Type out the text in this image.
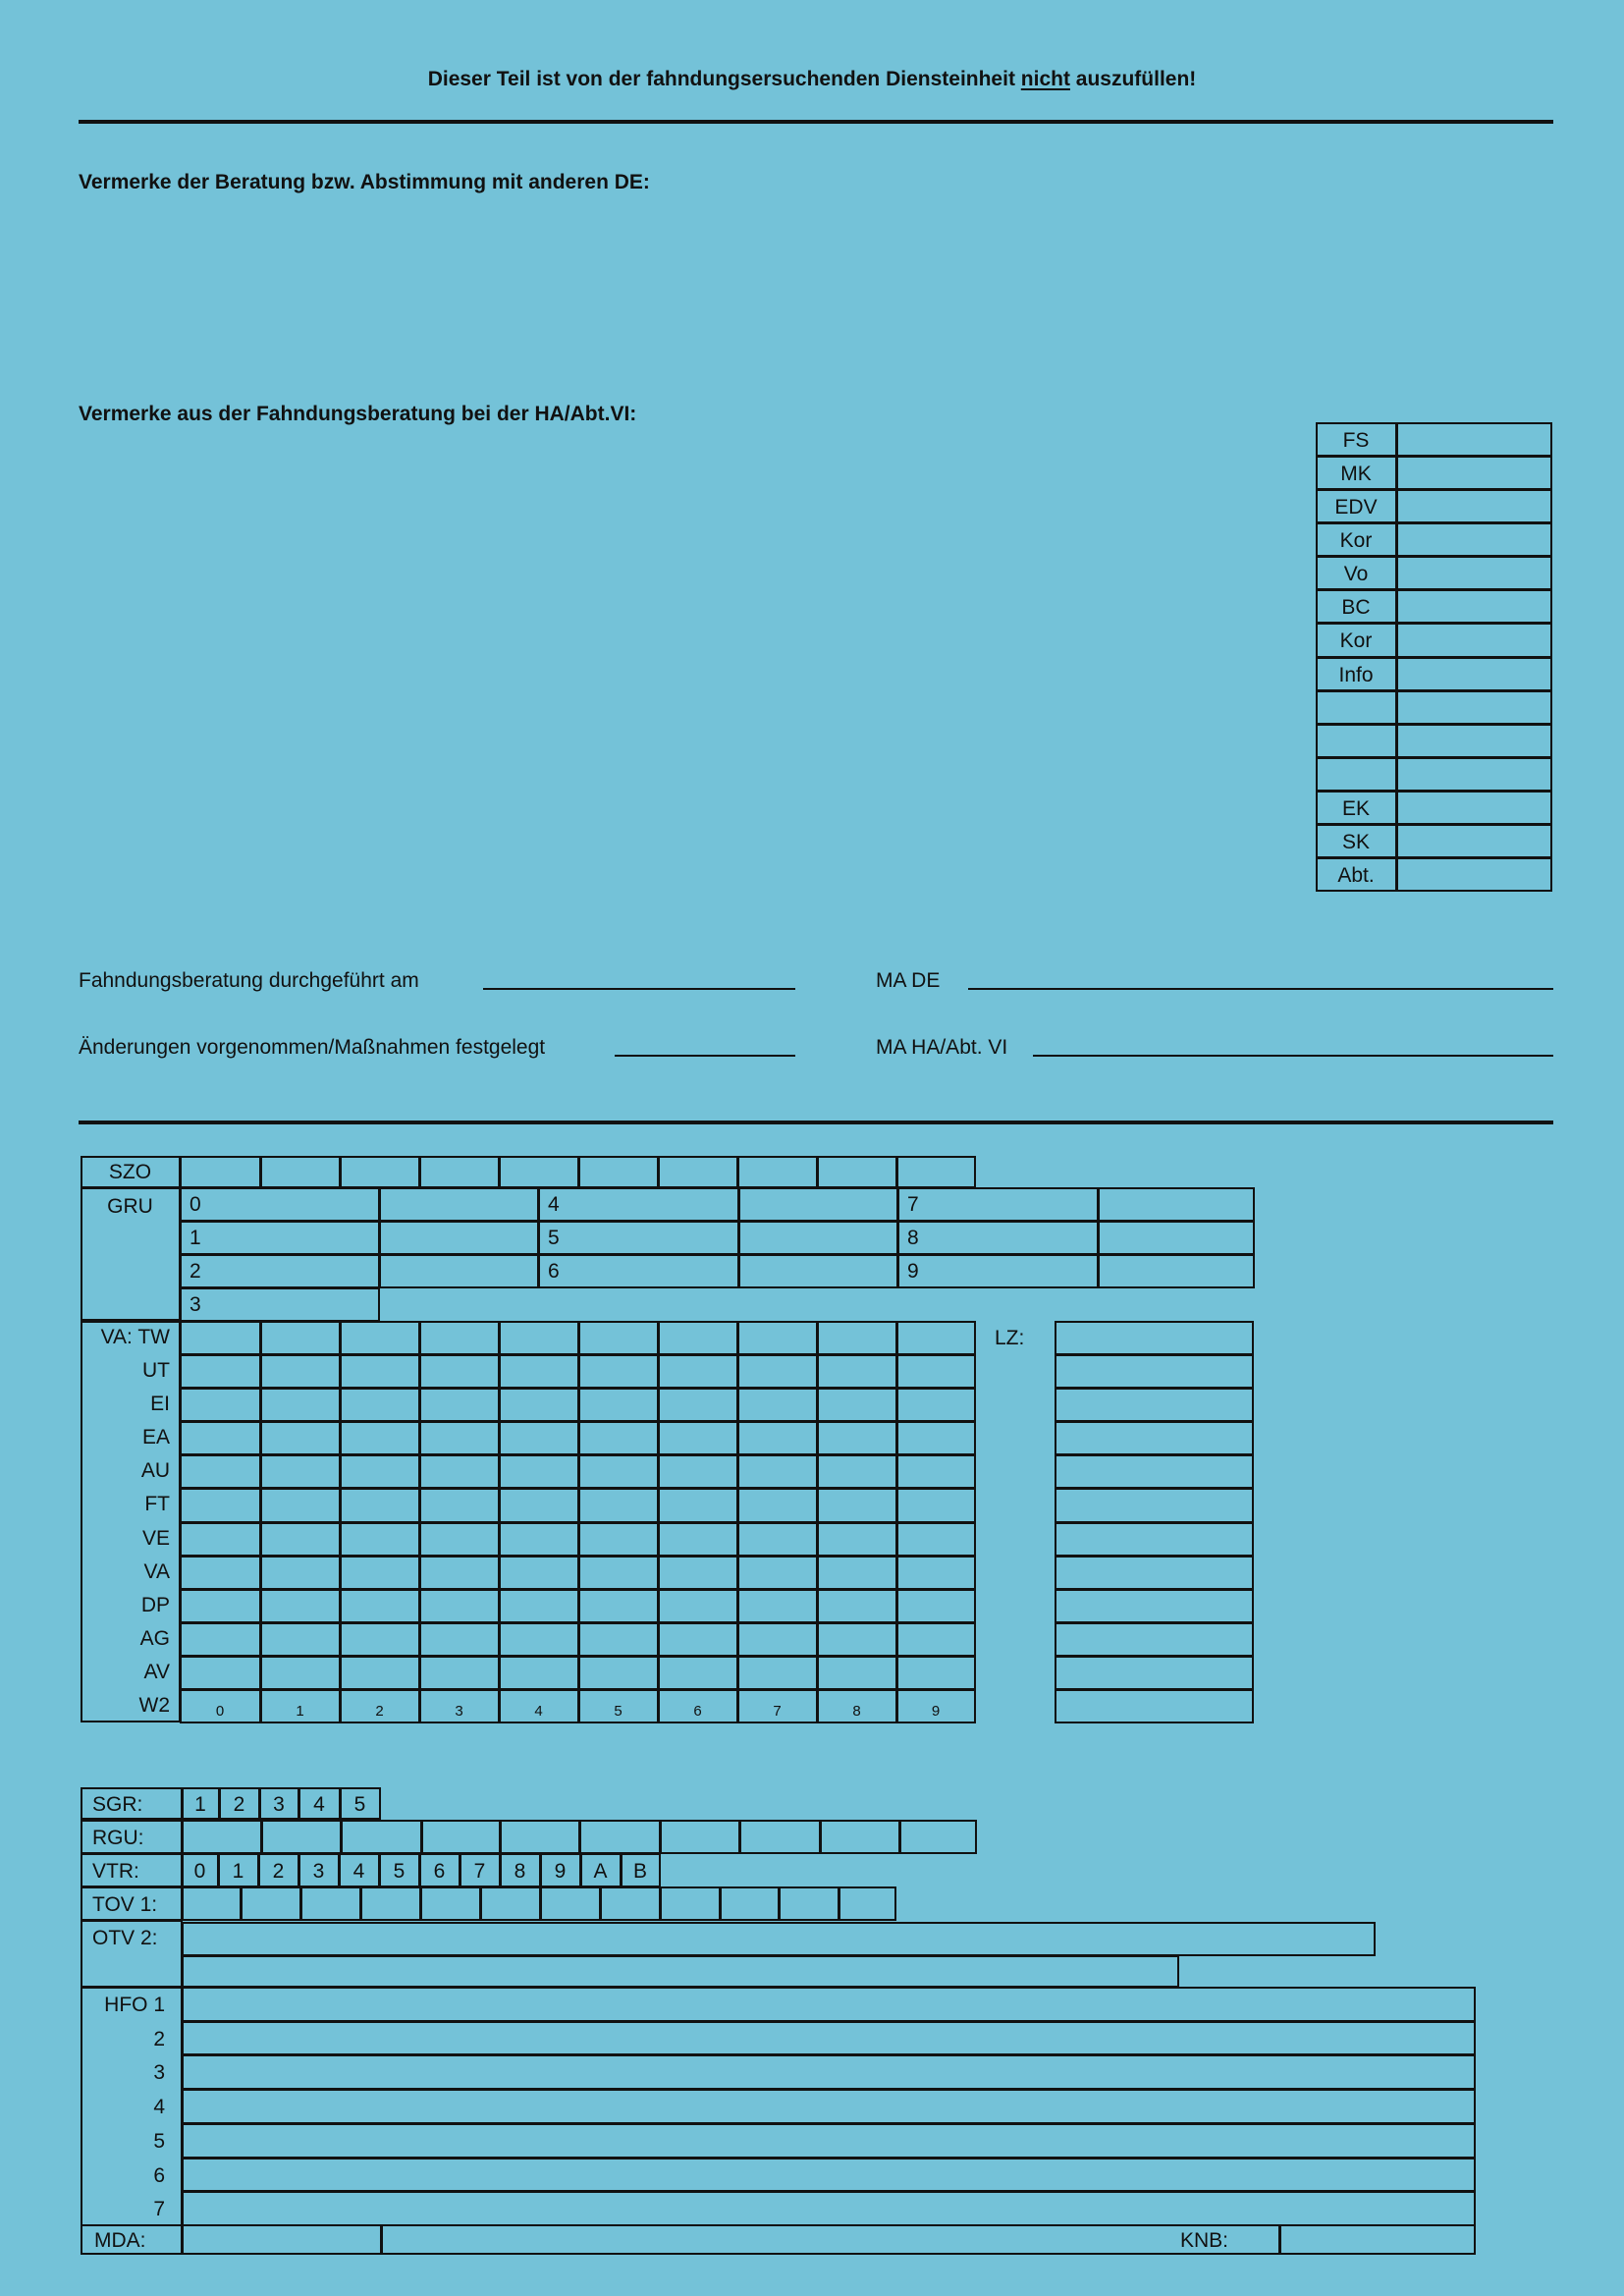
Dieser Teil ist von der fahndungsersuchenden Diensteinheit nicht auszufüllen!
Vermerke der Beratung bzw. Abstimmung mit anderen DE:
Vermerke aus der Fahndungsberatung bei der HA/Abt.VI:
FS
MK
EDV
Kor
Vo
BC
Kor
Info
EK
SK
Abt.
Fahndungsberatung durchgeführt am	MA DE
Änderungen vorgenommen/Maßnahmen festgelegt	MA HA/Abt. VI
SZO
GRU	0	4	7
1	5	8
2	6	9
3
VA: TW
UT
EI
EA
AU
FT
VE
VA
DP
AG
AV
W2	0	1	2	3	4	5	6	7	8	9
LZ:
SGR:	1	2	3	4	5
RGU:
VTR:	0	1	2	3	4	5	6	7	8	9	A	B
TOV 1:
OTV 2:
HFO 1
2
3
4
5
6
7
MDA:	KNB:
